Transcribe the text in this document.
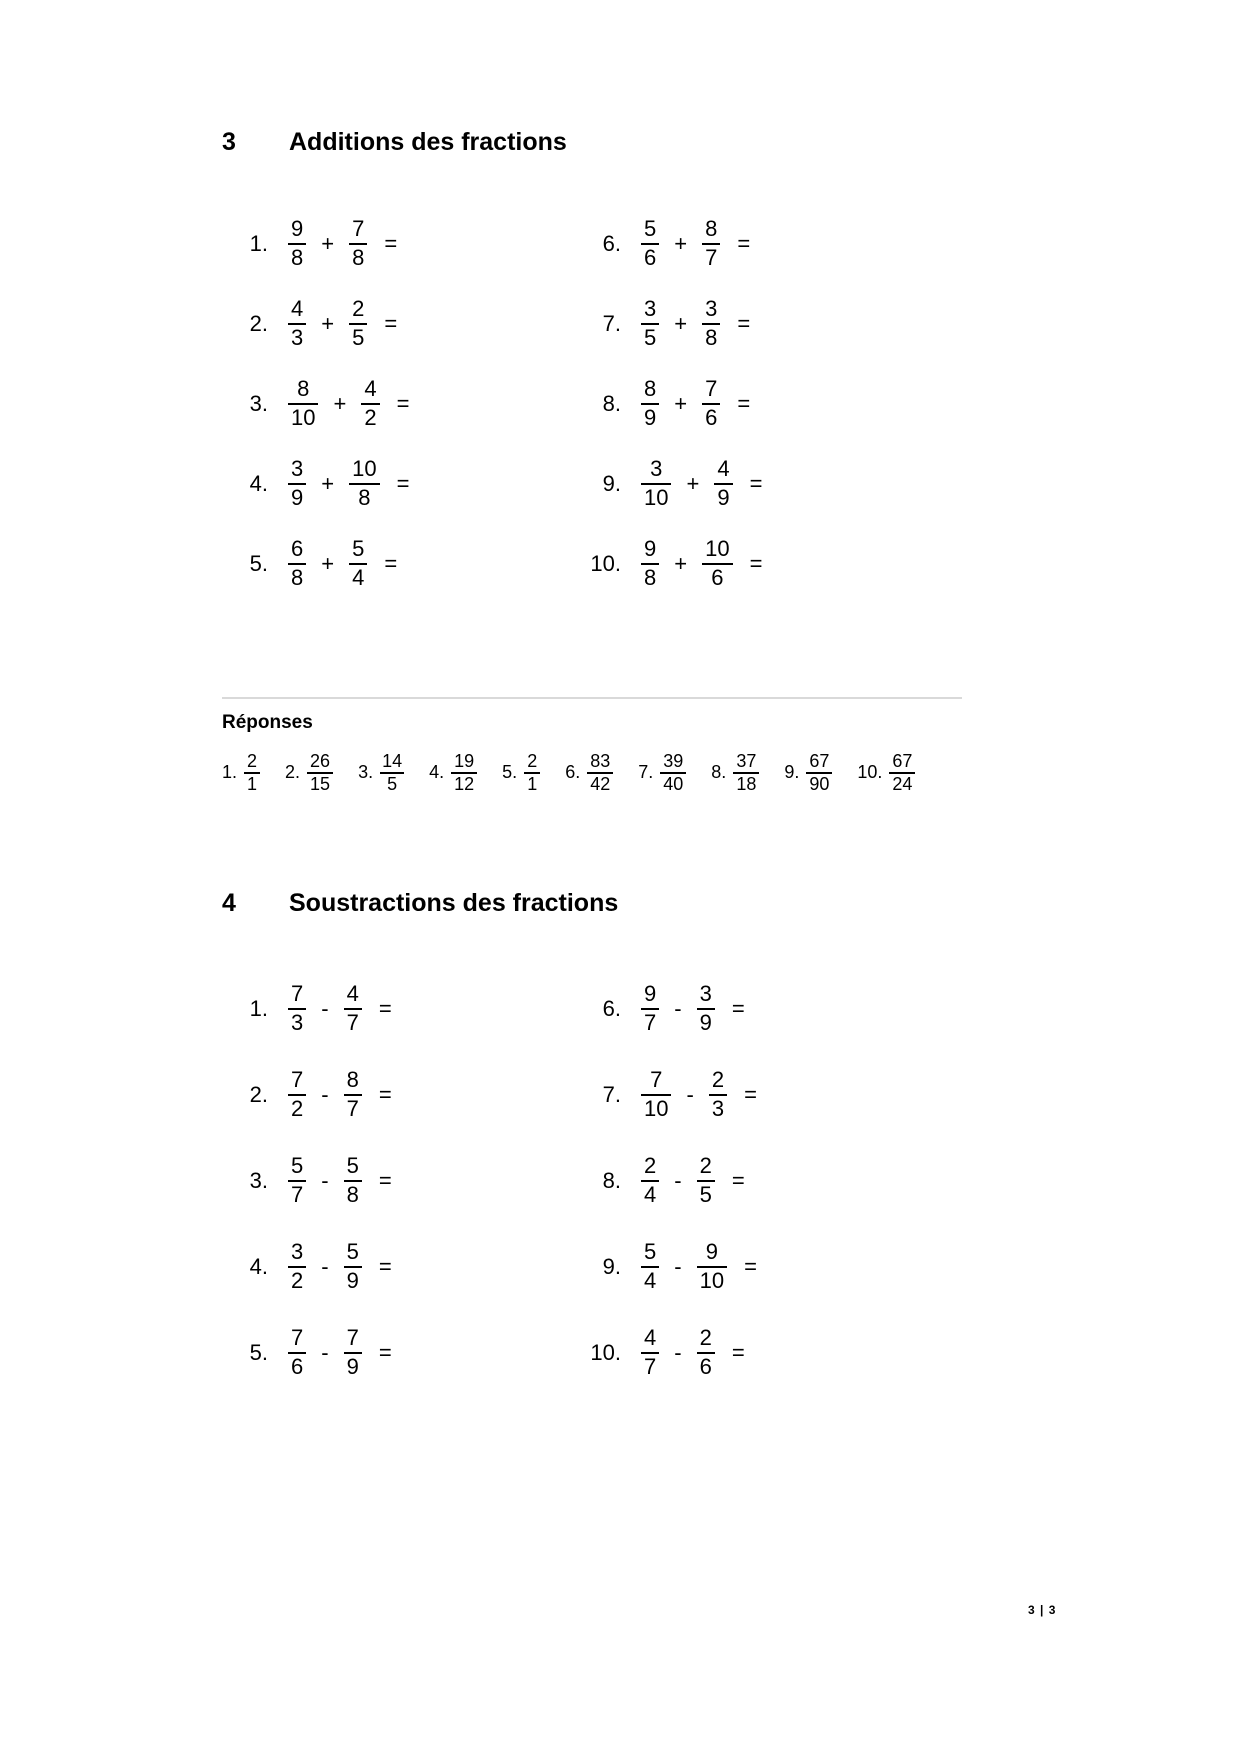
3	Additions des fractions
1. $\frac{9}{8} + \frac{7}{8}$ =
2. $\frac{4}{3} + \frac{2}{5}$ =
3. $\frac{8}{10} + \frac{4}{2}$ =
4. $\frac{3}{9} + \frac{10}{8}$ =
5. $\frac{6}{8} + \frac{5}{4}$ =
6. $\frac{5}{6} + \frac{8}{7}$ =
7. $\frac{3}{5} + \frac{3}{8}$ =
8. $\frac{8}{9} + \frac{7}{6}$ =
9. $\frac{3}{10} + \frac{4}{9}$ =
10. $\frac{9}{8} + \frac{10}{6}$ =
Réponses
1. $\frac{2}{1} 2$. $\frac{26}{15} 3$. $\frac{14}{5} 4$. $\frac{19}{12} 5$. $\frac{2}{1} 6$. $\frac{83}{42} 7$. $\frac{39}{40} 8$. $\frac{37}{18} 9$. $\frac{67}{90} 10$. $\frac{67}{24}$
4	Soustractions des fractions
1. $\frac{7}{3} - \frac{4}{7}$ =
2. $\frac{7}{2} - \frac{8}{7}$ =
3. $\frac{5}{7} - \frac{5}{8}$ =
4. $\frac{3}{2} - \frac{5}{9}$ =
5. $\frac{7}{6} - \frac{7}{9}$ =
6. $\frac{9}{7} - \frac{3}{9}$ =
7. $\frac{7}{10} - \frac{2}{3}$ =
8. $\frac{2}{4} - \frac{2}{5}$ =
9. $\frac{5}{4} - \frac{9}{10}$ =
10. $\frac{4}{7} - \frac{2}{6}$ =
3 | 3
